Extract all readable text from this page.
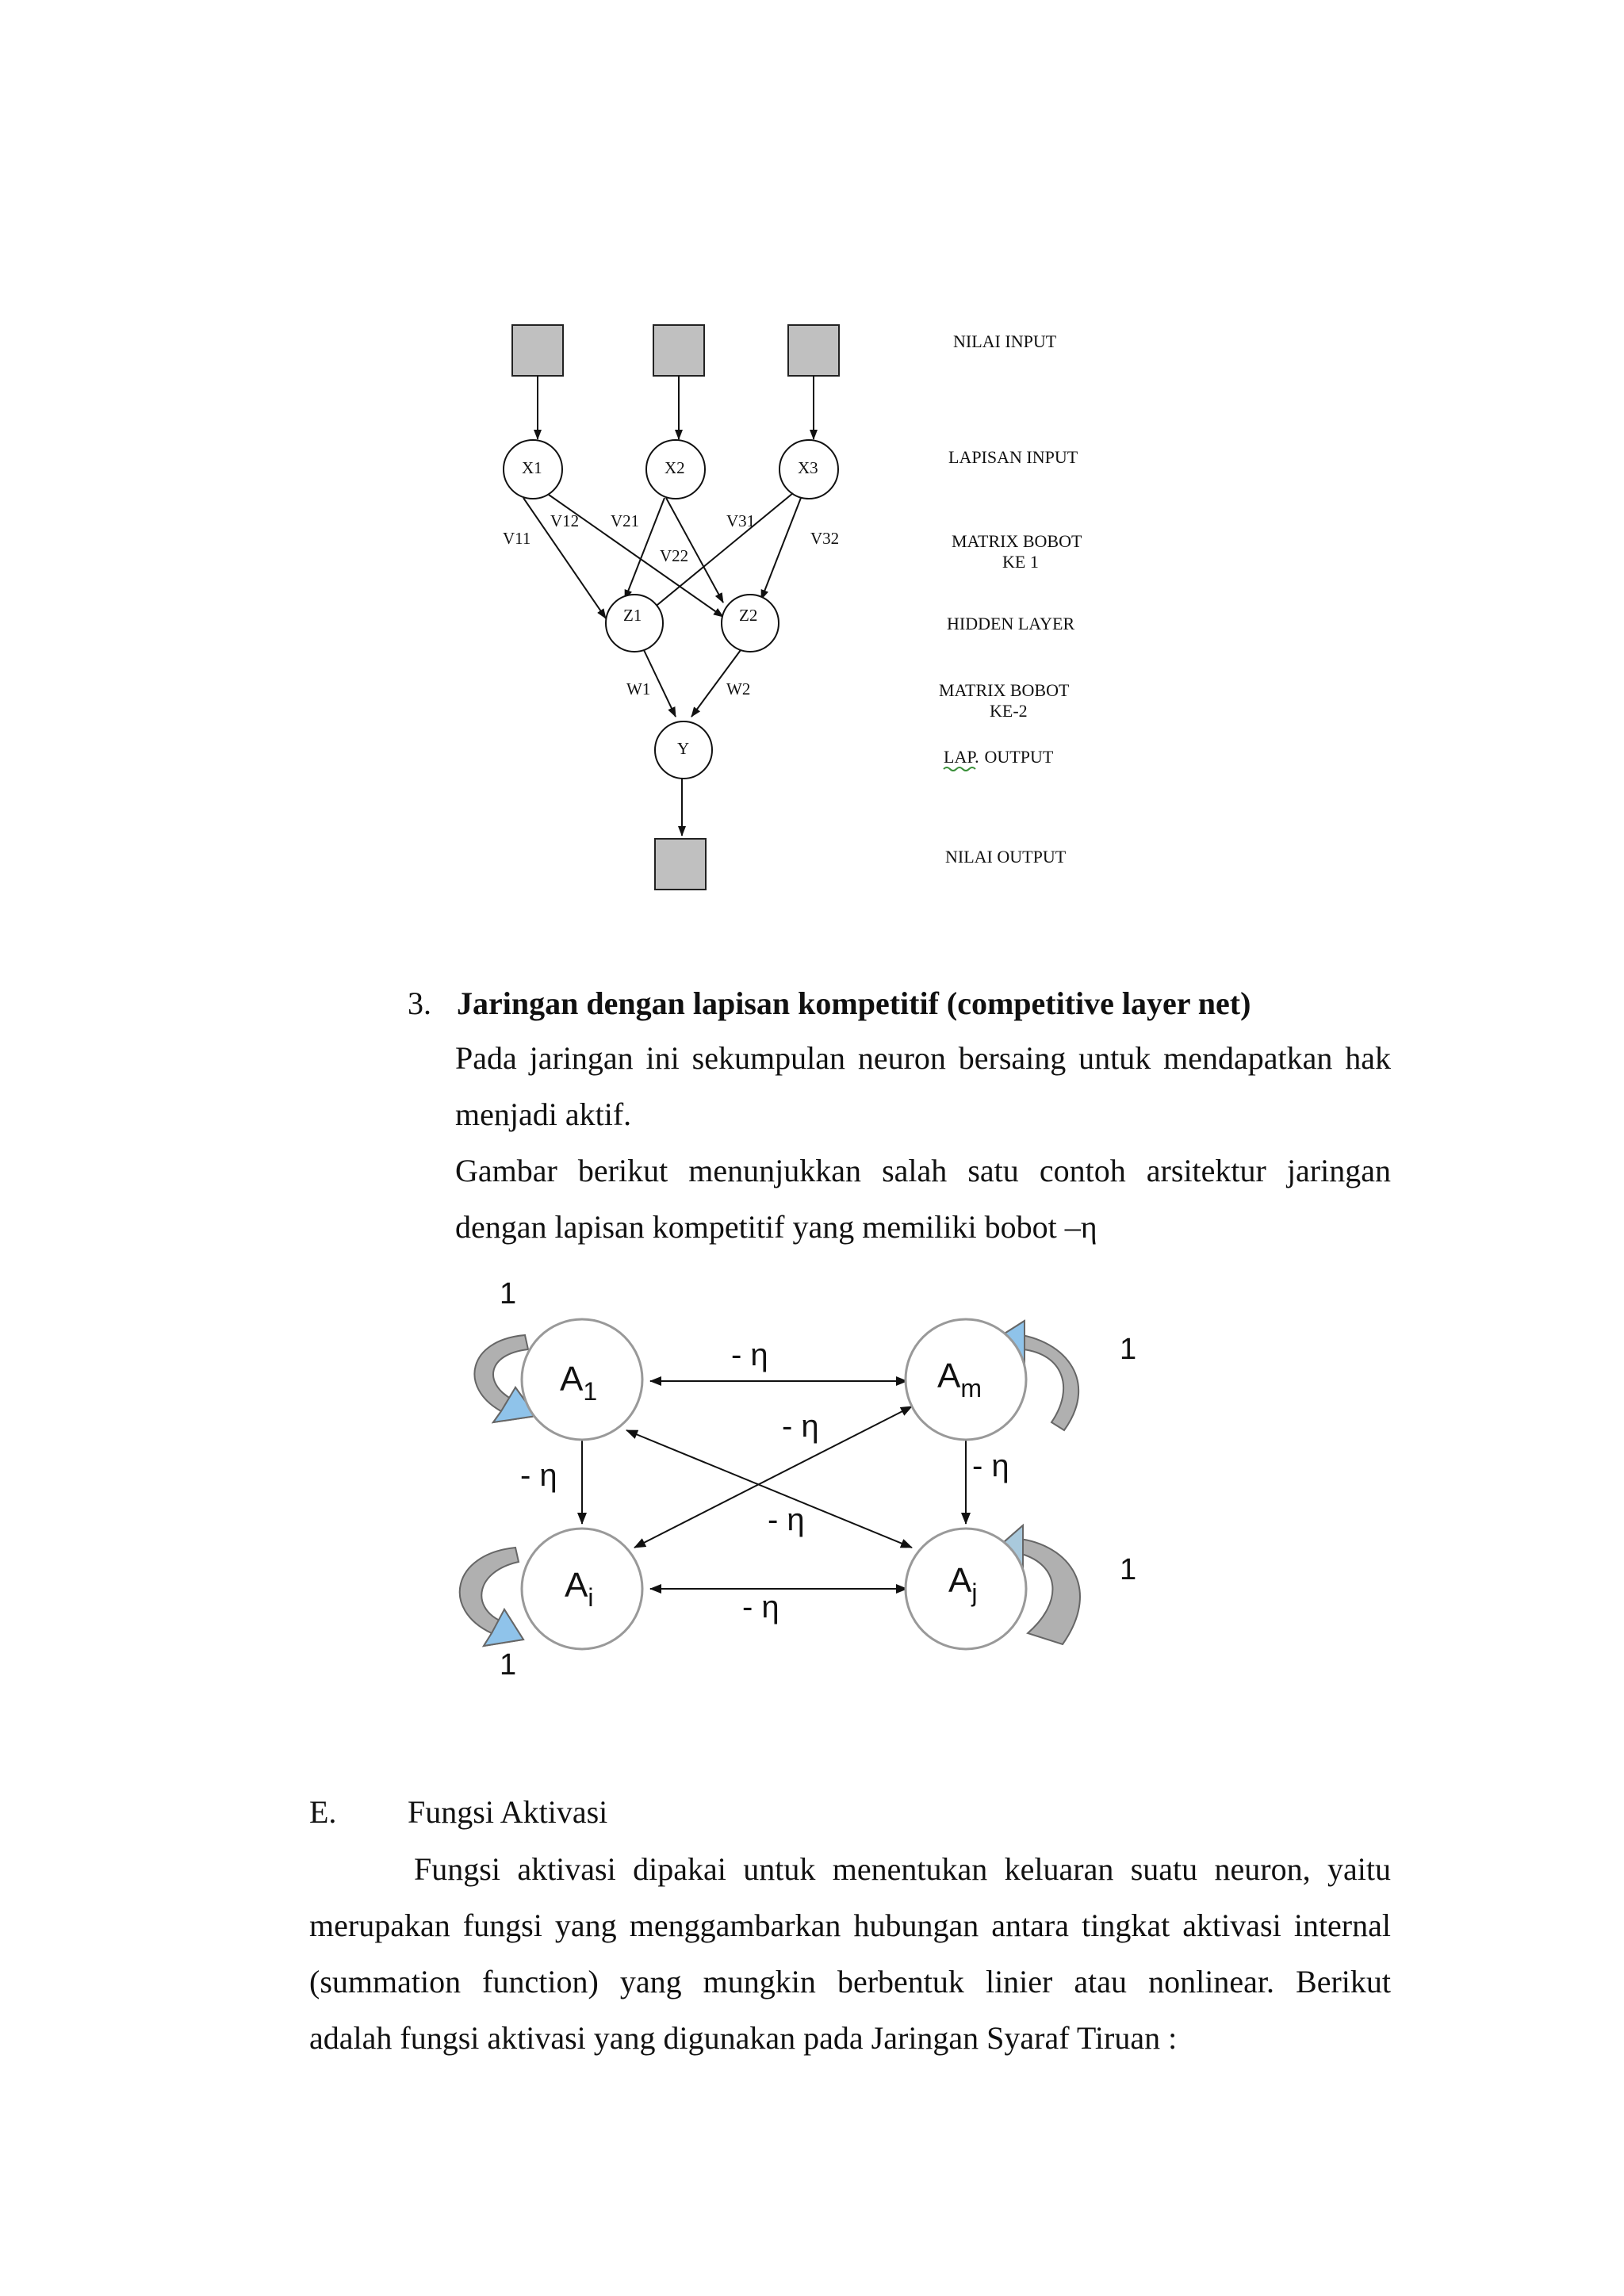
X1	X2	X3
V11
V12 V21
V22
V31
V32
Z1	Z2
W1	W2
Y
NILAI INPUT
LAPISAN INPUT
MATRIX BOBOT
KE 1
HIDDEN LAYER
MATRIX BOBOT
KE-2
LAP. OUTPUT
NILAI OUTPUT
3. Jaringan dengan lapisan kompetitif (competitive layer net)
Pada jaringan ini sekumpulan neuron bersaing untuk mendapatkan hak
menjadi aktif.
Gambar berikut menunjukkan salah satu contoh arsitektur jaringan
dengan lapisan kompetitif yang memiliki bobot –η
$A_1$	$A_m$
$A_i$	$A_j$
- η
- η
- η	- η
- η
- η
1
1
1
1
E. Fungsi Aktivasi
Fungsi aktivasi dipakai untuk menentukan keluaran suatu neuron, yaitu
merupakan fungsi yang menggambarkan hubungan antara tingkat aktivasi internal
(summation function) yang mungkin berbentuk linier atau nonlinear. Berikut
adalah fungsi aktivasi yang digunakan pada Jaringan Syaraf Tiruan :
